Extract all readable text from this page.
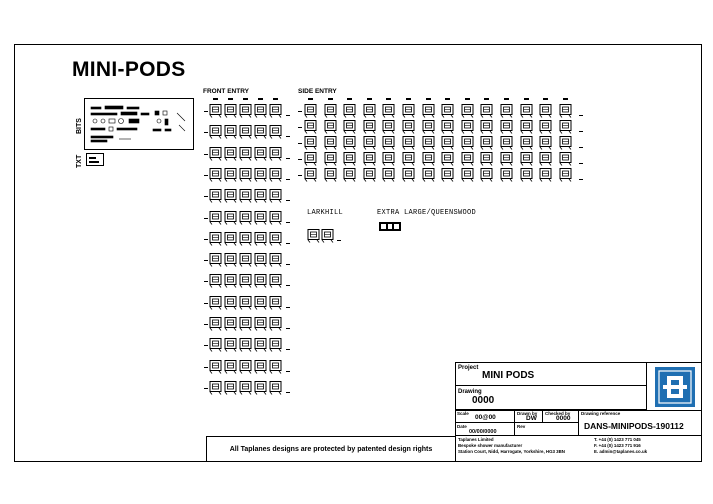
MINI-PODS
FRONT ENTRY	SIDE ENTRY
LARKHILL	EXTRA LARGE/QUEENSWOOD
BITS
TXT
Project
MINI PODS
Drawing
0000
Scale
00@00
Drawn by
DW
Checked by
0000
Drawing reference
DANS-MINIPODS-190112
Date
00/00/0000
Rev
Taplanes Limited
Bespoke shower manufacturer
Station Court, Nidd, Harrogate, Yorkshire, HG3 3BN
T. +44 (0) 1423 771 045
F. +44 (0) 1423 771 916
E. admin@taplanes.co.uk
All Taplanes designs are protected by patented design rights
